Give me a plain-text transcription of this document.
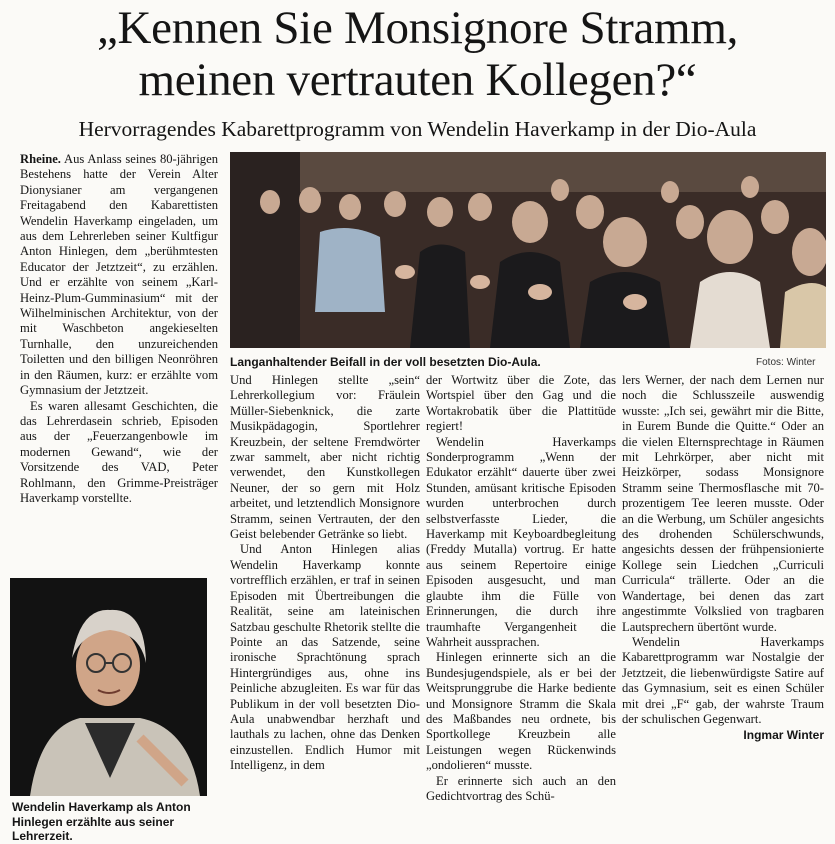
„Kennen Sie Monsignore Stramm,
meinen vertrauten Kollegen?“
Hervorragendes Kabarettprogramm von Wendelin Haverkamp in der Dio-Aula

Rheine. Aus Anlass seines 80-jährigen Bestehens hatte der Verein Alter Dionysianer am vergangenen Freitagabend den Kabarettisten Wendelin Haverkamp eingeladen, um aus dem Lehrerleben seiner Kultfigur Anton Hinlegen, dem „berühmtesten Educator der Jetztzeit“, zu erzählen. Und er erzählte von seinem „Karl-Heinz-Plum-Gumminasium“ mit der Wilhelminischen Architektur, von der mit Waschbeton angekieselten Turnhalle, den unzureichenden Toiletten und den billigen Neonröhren in den Räumen, kurz: er erzählte vom Gymnasium der Jetztzeit.

Es waren allesamt Geschichten, die das Lehrerdasein schrieb, Episoden aus der „Feuerzangenbowle im modernen Gewand“, wie der Vorsitzende des VAD, Peter Rohlmann, den Grimme-Preisträger Haverkamp vorstellte.

Langanhaltender Beifall in der voll besetzten Dio-Aula.	Fotos: Winter
Wendelin Haverkamp als Anton Hinlegen erzählte aus seiner Lehrerzeit.

Und Hinlegen stellte „sein“ Lehrerkollegium vor: Fräulein Müller-Siebenknick, die zarte Musikpädagogin, Sportlehrer Kreuzbein, der seltene Fremdwörter zwar sammelt, aber nicht richtig verwendet, den Kunstkollegen Neuner, der so gern mit Holz arbeitet, und letztendlich Monsignore Stramm, seinen Vertrauten, der den Geist belebender Getränke so liebt.

Und Anton Hinlegen alias Wendelin Haverkamp konnte vortrefflich erzählen, er traf in seinen Episoden mit Übertreibungen die Realität, seine am lateinischen Satzbau geschulte Rhetorik stellte die Pointe an das Satzende, seine ironische Sprachtönung sprach Hintergründiges aus, ohne ins Peinliche abzugleiten. Es war für das Publikum in der voll besetzten Dio-Aula unabwendbar herzhaft und lauthals zu lachen, ohne das Denken einzustellen. Endlich Humor mit Intelligenz, in dem

der Wortwitz über die Zote, das Wortspiel über den Gag und die Wortakrobatik über die Plattitüde regiert!

Wendelin Haverkamps Sonderprogramm „Wenn der Edukator erzählt“ dauerte über zwei Stunden, amüsant kritische Episoden wurden unterbrochen durch selbstverfasste Lieder, die Haverkamp mit Keyboardbegleitung (Freddy Mutalla) vortrug. Er hatte aus seinem Repertoire einige Episoden ausgesucht, und man glaubte ihm die Fülle von Erinnerungen, die durch ihre traumhafte Vergangenheit die Wahrheit aussprachen.

Hinlegen erinnerte sich an die Bundesjugendspiele, als er bei der Weitsprunggrube die Harke bediente und Monsignore Stramm die Skala des Maßbandes neu ordnete, bis Sportkollege Kreuzbein alle Leistungen wegen Rückenwinds „ondolieren“ musste.

Er erinnerte sich auch an den Gedichtvortrag des Schü-

lers Werner, der nach dem Lernen nur noch die Schlusszeile auswendig wusste: „Ich sei, gewährt mir die Bitte, in Eurem Bunde die Quitte.“ Oder an die vielen Elternsprechtage in Räumen mit Lehrkörper, aber nicht mit Heizkörper, sodass Monsignore Stramm seine Thermosflasche mit 70-prozentigem Tee leeren musste. Oder an die Werbung, um Schüler angesichts des drohenden Schülerschwunds, angesichts dessen der frühpensionierte Kollege sein Liedchen „Curriculi Curricula“ trällerte. Oder an die Wandertage, bei denen das zart angestimmte Volkslied von tragbaren Lautsprechern übertönt wurde.

Wendelin Haverkamps Kabarettprogramm war Nostalgie der Jetztzeit, die liebenwürdigste Satire auf das Gymnasium, seit es einen Schüler mit drei „F“ gab, der wahrste Traum der schulischen Gegenwart.

Ingmar Winter
